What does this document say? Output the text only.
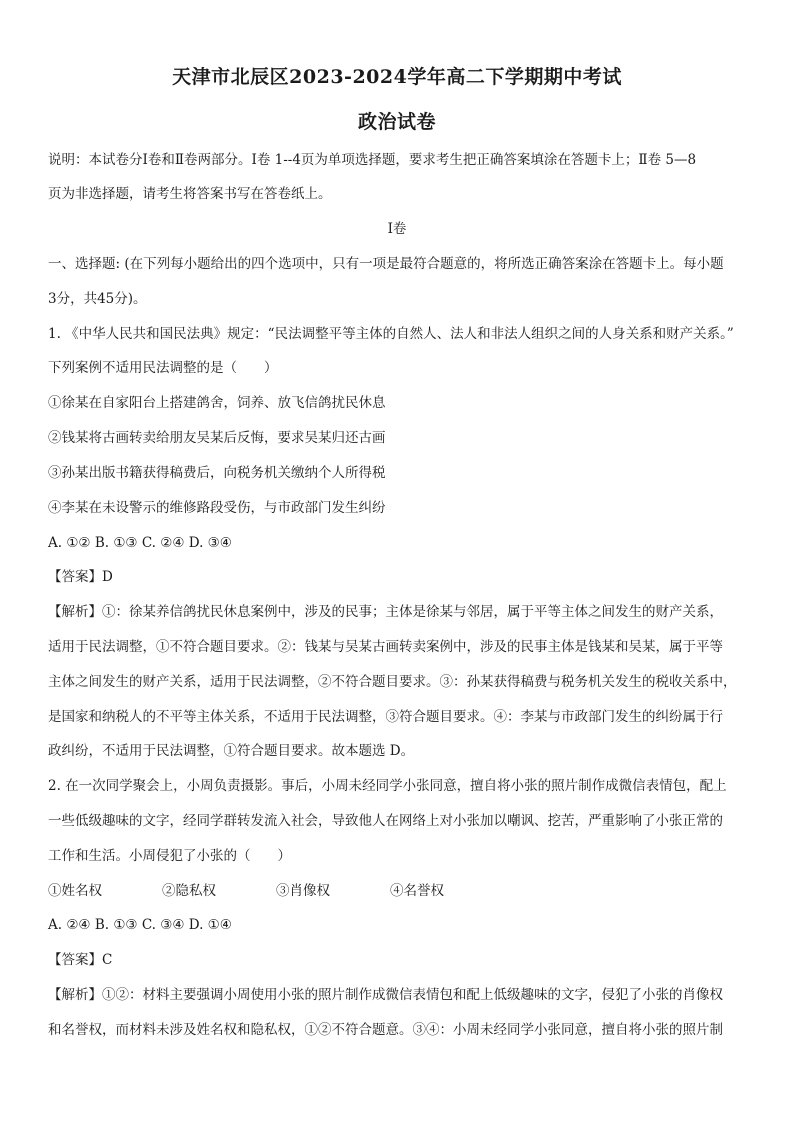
天津市北辰区2023-2024学年高二下学期期中考试
政治试卷
说明：本试卷分Ⅰ卷和Ⅱ卷两部分。Ⅰ卷 1--4页为单项选择题，要求考生把正确答案填涂在答题卡上；Ⅱ卷 5—8
页为非选择题，请考生将答案书写在答卷纸上。
Ⅰ卷
一、选择题: (在下列每小题给出的四个选项中，只有一项是最符合题意的，将所选正确答案涂在答题卡上。每小题
3分，共45分)。
1. 《中华人民共和国民法典》规定：“民法调整平等主体的自然人、法人和非法人组织之间的人身关系和财产关系。”
下列案例不适用民法调整的是（　　）
①徐某在自家阳台上搭建鸽舍，饲养、放飞信鸽扰民休息
②钱某将古画转卖给朋友吴某后反悔，要求吴某归还古画
③孙某出版书籍获得稿费后，向税务机关缴纳个人所得税
④李某在未设警示的维修路段受伤，与市政部门发生纠纷
A. ①② B. ①③ C. ②④ D. ③④
【答案】D
【解析】①：徐某养信鸽扰民休息案例中，涉及的民事；主体是徐某与邻居，属于平等主体之间发生的财产关系，
适用于民法调整，①不符合题目要求。②：钱某与吴某古画转卖案例中，涉及的民事主体是钱某和吴某，属于平等
主体之间发生的财产关系，适用于民法调整，②不符合题目要求。③：孙某获得稿费与税务机关发生的税收关系中，
是国家和纳税人的不平等主体关系，不适用于民法调整，③符合题目要求。④：李某与市政部门发生的纠纷属于行
政纠纷，不适用于民法调整，①符合题目要求。故本题选 D。
2. 在一次同学聚会上，小周负责摄影。事后，小周未经同学小张同意，擅自将小张的照片制作成微信表情包，配上
一些低级趣味的文字，经同学群转发流入社会，导致他人在网络上对小张加以嘲讽、挖苦，严重影响了小张正常的
工作和生活。小周侵犯了小张的（　　）
①姓名权	②隐私权	③肖像权	④名誉权
A. ②④ B. ①③ C. ③④ D. ①④
【答案】C
【解析】①②：材料主要强调小周使用小张的照片制作成微信表情包和配上低级趣味的文字，侵犯了小张的肖像权
和名誉权，而材料未涉及姓名权和隐私权，①②不符合题意。③④：小周未经同学小张同意，擅自将小张的照片制
